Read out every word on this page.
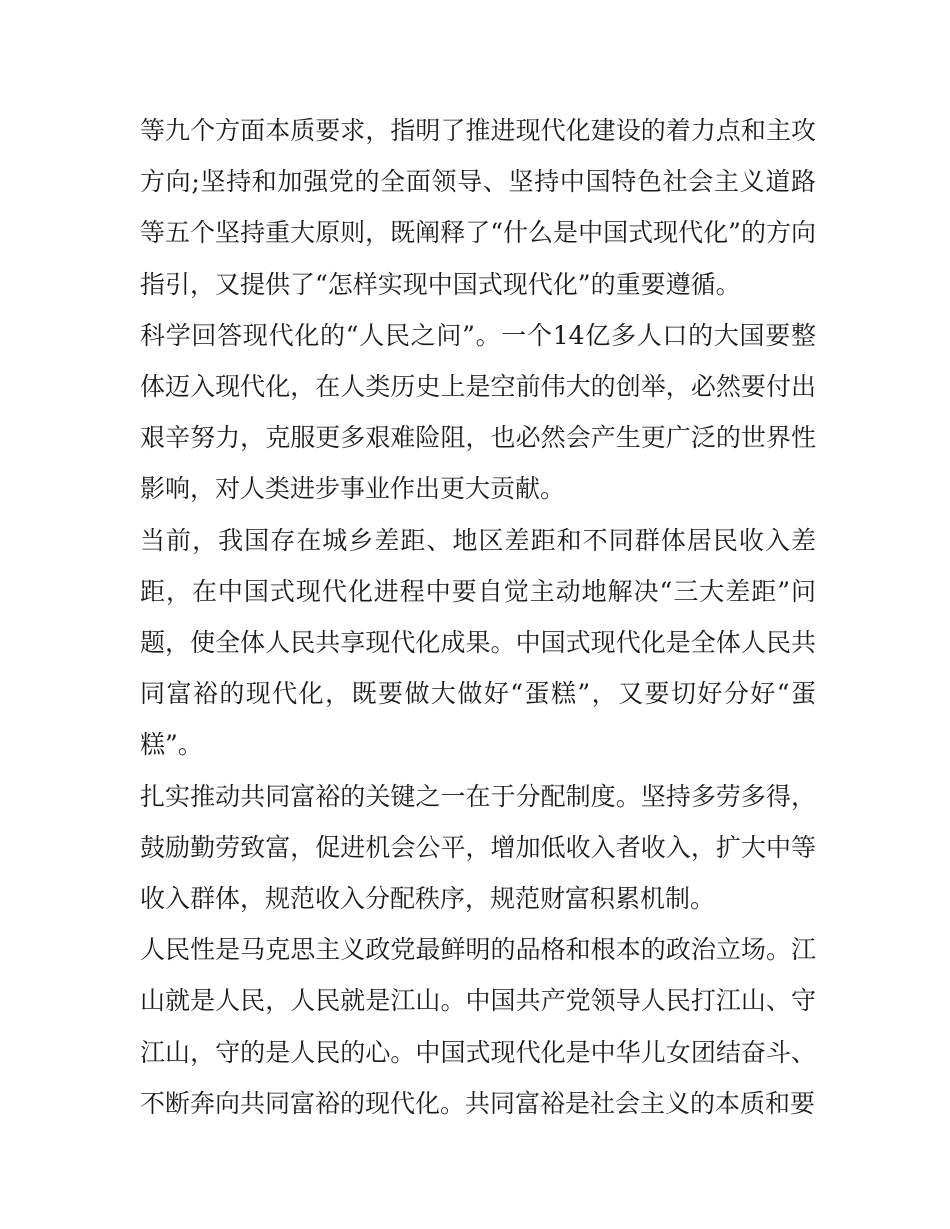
等九个方面本质要求，指明了推进现代化建设的着力点和主攻方向;坚持和加强党的全面领导、坚持中国特色社会主义道路等五个坚持重大原则，既阐释了“什么是中国式现代化”的方向指引，又提供了“怎样实现中国式现代化”的重要遵循。

科学回答现代化的“人民之问”。一个14亿多人口的大国要整体迈入现代化，在人类历史上是空前伟大的创举，必然要付出艰辛努力，克服更多艰难险阻，也必然会产生更广泛的世界性影响，对人类进步事业作出更大贡献。

当前，我国存在城乡差距、地区差距和不同群体居民收入差距，在中国式现代化进程中要自觉主动地解决“三大差距”问题，使全体人民共享现代化成果。中国式现代化是全体人民共同富裕的现代化，既要做大做好“蛋糕”，又要切好分好“蛋糕”。

扎实推动共同富裕的关键之一在于分配制度。坚持多劳多得，鼓励勤劳致富，促进机会公平，增加低收入者收入，扩大中等收入群体，规范收入分配秩序，规范财富积累机制。

人民性是马克思主义政党最鲜明的品格和根本的政治立场。江山就是人民，人民就是江山。中国共产党领导人民打江山、守江山，守的是人民的心。中国式现代化是中华儿女团结奋斗、不断奔向共同富裕的现代化。共同富裕是社会主义的本质和要
